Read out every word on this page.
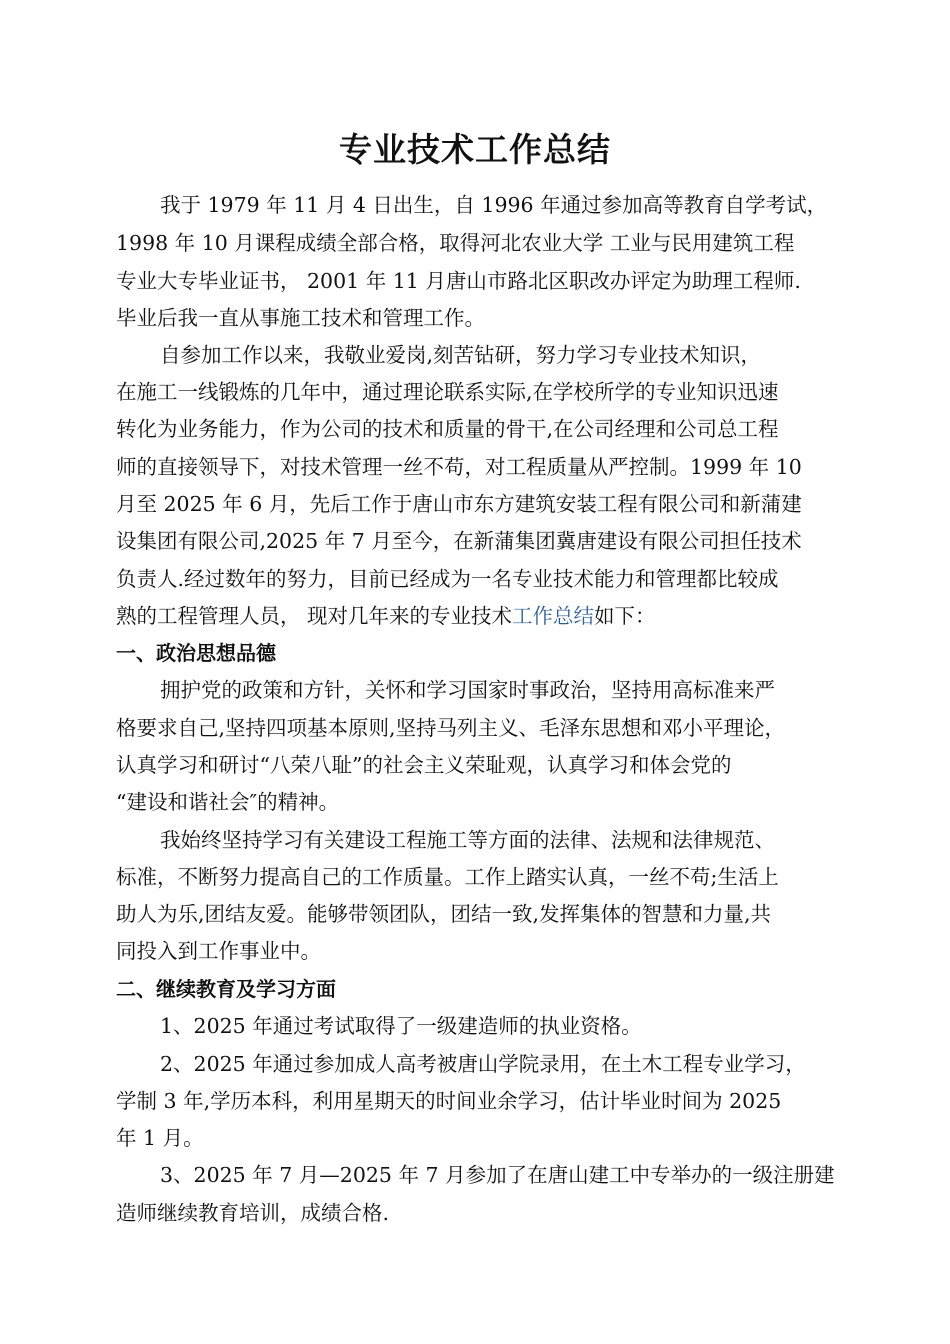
专业技术工作总结
我于 1979 年 11 月 4 日出生，自 1996 年通过参加高等教育自学考试，
1998 年 10 月课程成绩全部合格，取得河北农业大学 工业与民用建筑工程
专业大专毕业证书， 2001 年 11 月唐山市路北区职改办评定为助理工程师.
毕业后我一直从事施工技术和管理工作。
自参加工作以来，我敬业爱岗,刻苦钻研，努力学习专业技术知识，
在施工一线锻炼的几年中，通过理论联系实际,在学校所学的专业知识迅速
转化为业务能力，作为公司的技术和质量的骨干,在公司经理和公司总工程
师的直接领导下，对技术管理一丝不苟，对工程质量从严控制。1999 年 10
月至 2025 年 6 月，先后工作于唐山市东方建筑安装工程有限公司和新蒲建
设集团有限公司,2025 年 7 月至今，在新蒲集团冀唐建设有限公司担任技术
负责人.经过数年的努力，目前已经成为一名专业技术能力和管理都比较成
熟的工程管理人员， 现对几年来的专业技术工作总结如下：
一、政治思想品德
拥护党的政策和方针，关怀和学习国家时事政治，坚持用高标准来严
格要求自己,坚持四项基本原则,坚持马列主义、毛泽东思想和邓小平理论，
认真学习和研讨“八荣八耻”的社会主义荣耻观，认真学习和体会党的
“建设和谐社会″的精神。
我始终坚持学习有关建设工程施工等方面的法律、法规和法律规范、
标准，不断努力提高自己的工作质量。工作上踏实认真，一丝不苟;生活上
助人为乐,团结友爱。能够带领团队，团结一致,发挥集体的智慧和力量,共
同投入到工作事业中。
二、继续教育及学习方面
1、2025 年通过考试取得了一级建造师的执业资格。
2、2025 年通过参加成人高考被唐山学院录用，在土木工程专业学习，
学制 3 年,学历本科，利用星期天的时间业余学习，估计毕业时间为 2025
年 1 月。
3、2025 年 7 月—2025 年 7 月参加了在唐山建工中专举办的一级注册建
造师继续教育培训，成绩合格.
